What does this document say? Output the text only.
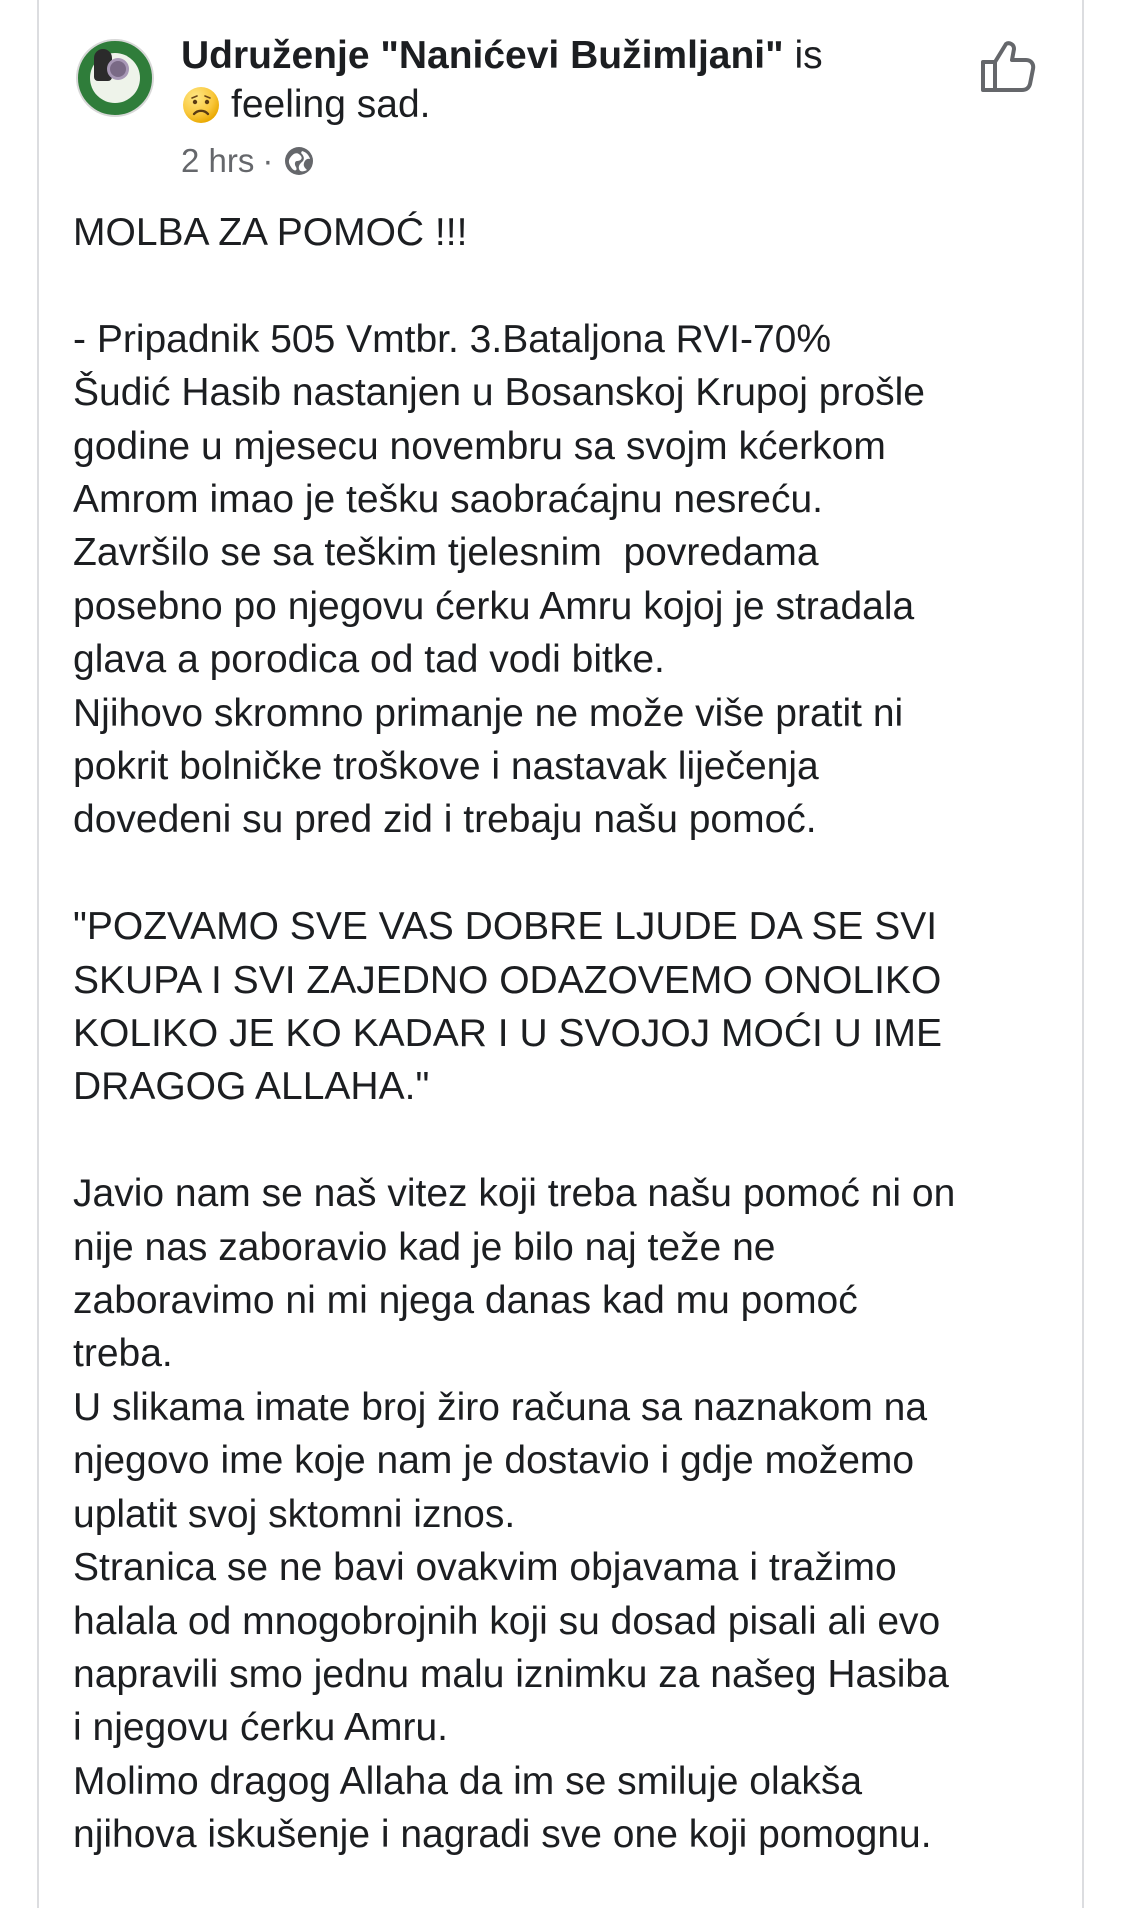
Udruženje "Nanićevi Bužimljani" is
feeling sad.
2 hrs ·
MOLBA ZA POMOĆ !!!
- Pripadnik 505 Vmtbr. 3.Bataljona RVI-70%
Šudić Hasib nastanjen u Bosanskoj Krupoj prošle
godine u mjesecu novembru sa svojm kćerkom
Amrom imao je tešku saobraćajnu nesreću.
Završilo se sa teškim tjelesnim  povredama
posebno po njegovu ćerku Amru kojoj je stradala
glava a porodica od tad vodi bitke.
Njihovo skromno primanje ne može više pratit ni
pokrit bolničke troškove i nastavak liječenja
dovedeni su pred zid i trebaju našu pomoć.
"POZVAMO SVE VAS DOBRE LJUDE DA SE SVI
SKUPA I SVI ZAJEDNO ODAZOVEMO ONOLIKO
KOLIKO JE KO KADAR I U SVOJOJ MOĆI U IME
DRAGOG ALLAHA."
Javio nam se naš vitez koji treba našu pomoć ni on
nije nas zaboravio kad je bilo naj teže ne
zaboravimo ni mi njega danas kad mu pomoć
treba.
U slikama imate broj žiro računa sa naznakom na
njegovo ime koje nam je dostavio i gdje možemo
uplatit svoj sktomni iznos.
Stranica se ne bavi ovakvim objavama i tražimo
halala od mnogobrojnih koji su dosad pisali ali evo
napravili smo jednu malu iznimku za našeg Hasiba
i njegovu ćerku Amru.
Molimo dragog Allaha da im se smiluje olakša
njihova iskušenje i nagradi sve one koji pomognu.
